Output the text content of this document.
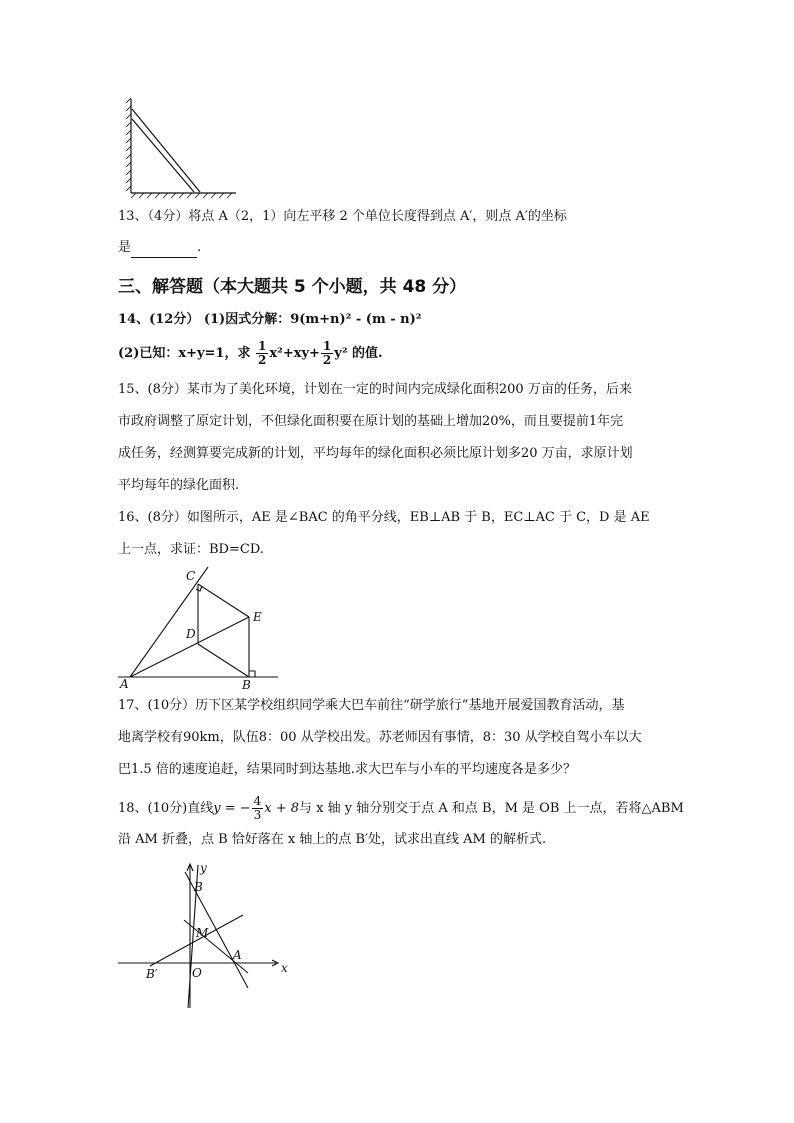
13、（4分）将点 A（2，1）向左平移 2 个单位长度得到点 A′，则点 A′的坐标
是	.
三、解答题（本大题共 5 个小题，共 48 分）
14、(12分） (1)因式分解：9(m+n)² - (m - n)²
(2)已知：x+y=1，求 $\frac{1}{2} x^2+xy+ \frac{1}{2} y^2$ 的值.
15、(8分）某市为了美化环境，计划在一定的时间内完成绿化面积200 万亩的任务，后来
市政府调整了原定计划，不但绿化面积要在原计划的基础上增加20%，而且要提前1年完
成任务，经测算要完成新的计划，平均每年的绿化面积必须比原计划多20 万亩，求原计划
平均每年的绿化面积.
16、(8分）如图所示，AE 是∠BAC 的角平分线，EB⊥AB 于 B，EC⊥AC 于 C，D 是 AE
上一点，求证：BD=CD.
C
D
E
A	B
17、(10分）历下区某学校组织同学乘大巴车前往“研学旅行”基地开展爱国教育活动，基
地离学校有90km，队伍8：00 从学校出发。苏老师因有事情，8：30 从学校自驾小车以大
巴1.5 倍的速度追赶，结果同时到达基地.求大巴车与小车的平均速度各是多少？
18、(10分)直线y = − $\frac{4}{3}$ x + 8与 x 轴 y 轴分别交于点 A 和点 B，M 是 OB 上一点，若将△ABM
沿 AM 折叠，点 B 恰好落在 x 轴上的点 B′处，试求出直线 AM 的解析式.
y
x
B
M
A
O
B′
